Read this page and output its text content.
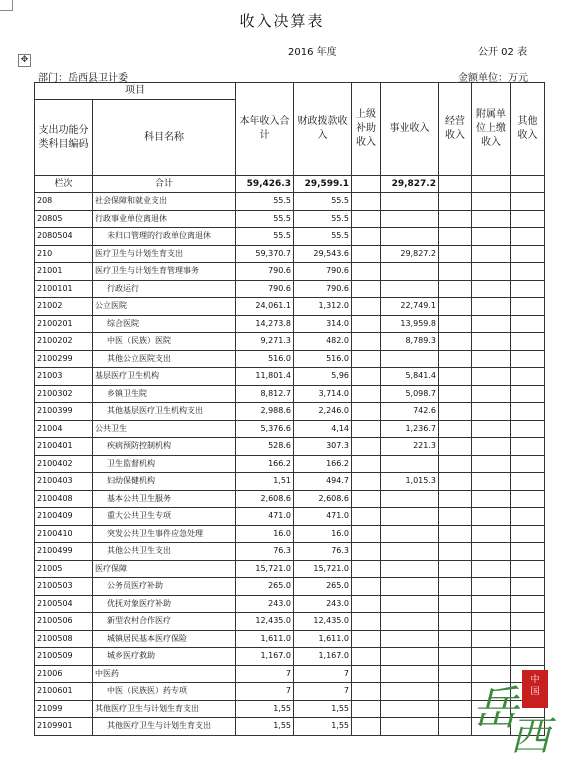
✥
收入决算表
2016 年度	公开 02 表
部门：岳西县卫计委	金额单位：万元
项目		本年收入合计	财政拨款收入	上级补助收入	事业收入	经营收入	附属单位上缴收入	其他收入
支出功能分类科目编码	科目名称							
栏次	合计	59,426.3	29,599.1		29,827.2			
208	社会保障和就业支出	55.5	55.5					
20805	行政事业单位离退休	55.5	55.5					
2080504	未归口管理的行政单位离退休	55.5	55.5					
210	医疗卫生与计划生育支出	59,370.7	29,543.6		29,827.2			
21001	医疗卫生与计划生育管理事务	790.6	790.6					
2100101	行政运行	790.6	790.6					
21002	公立医院	24,061.1	1,312.0		22,749.1			
2100201	综合医院	14,273.8	314.0		13,959.8			
2100202	中医（民族）医院	9,271.3	482.0		8,789.3			
2100299	其他公立医院支出	516.0	516.0					
21003	基层医疗卫生机构	11,801.4	5,96		5,841.4			
2100302	乡镇卫生院	8,812.7	3,714.0		5,098.7			
2100399	其他基层医疗卫生机构支出	2,988.6	2,246.0		742.6			
21004	公共卫生	5,376.6	4,14		1,236.7			
2100401	疾病预防控制机构	528.6	307.3		221.3			
2100402	卫生监督机构	166.2	166.2					
2100403	妇幼保健机构	1,51	494.7		1,015.3			
2100408	基本公共卫生服务	2,608.6	2,608.6					
2100409	重大公共卫生专项	471.0	471.0					
2100410	突发公共卫生事件应急处理	16.0	16.0					
2100499	其他公共卫生支出	76.3	76.3					
21005	医疗保障	15,721.0	15,721.0					
2100503	公务员医疗补助	265.0	265.0					
2100504	优抚对象医疗补助	243.0	243.0					
2100506	新型农村合作医疗	12,435.0	12,435.0					
2100508	城镇居民基本医疗保险	1,611.0	1,611.0					
2100509	城乡医疗救助	1,167.0	1,167.0					
21006	中医药	7	7					
2100601	中医（民族医）药专项	7	7					
21099	其他医疗卫生与计划生育支出	1,55	1,55					
2109901	其他医疗卫生与计划生育支出	1,55	1,55						岳
西
中
国
